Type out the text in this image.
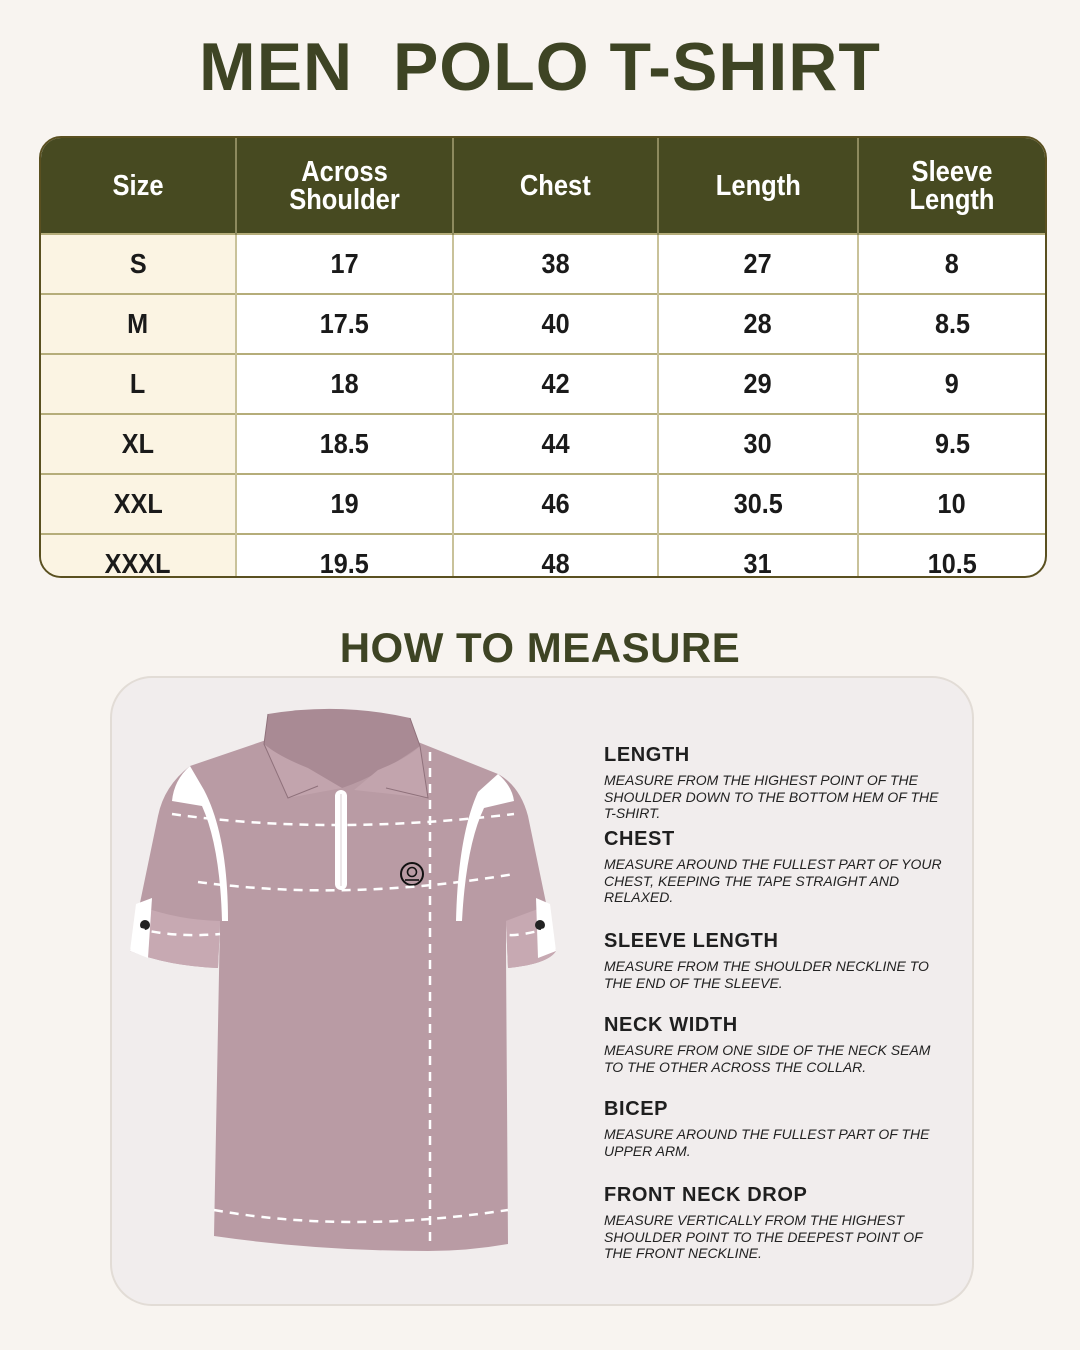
MEN  POLO T-SHIRT
Size	Across Shoulder	Chest	Length	Sleeve Length
S	17	38	27	8
M	17.5	40	28	8.5
L	18	42	29	9
XL	18.5	44	30	9.5
XXL	19	46	30.5	10
XXXL	19.5	48	31	10.5
HOW TO MEASURE
LENGTH

MEASURE FROM THE HIGHEST POINT OF THE SHOULDER DOWN TO THE BOTTOM HEM OF THE T-SHIRT.

CHEST

MEASURE AROUND THE FULLEST PART OF YOUR CHEST, KEEPING THE TAPE STRAIGHT AND RELAXED.

SLEEVE LENGTH

MEASURE FROM THE SHOULDER NECKLINE TO THE END OF THE SLEEVE.

NECK WIDTH

MEASURE FROM ONE SIDE OF THE NECK SEAM TO THE OTHER ACROSS THE COLLAR.

BICEP

MEASURE AROUND THE FULLEST PART OF THE UPPER ARM.

FRONT NECK DROP

MEASURE VERTICALLY FROM THE HIGHEST SHOULDER POINT TO THE DEEPEST POINT OF THE FRONT NECKLINE.
